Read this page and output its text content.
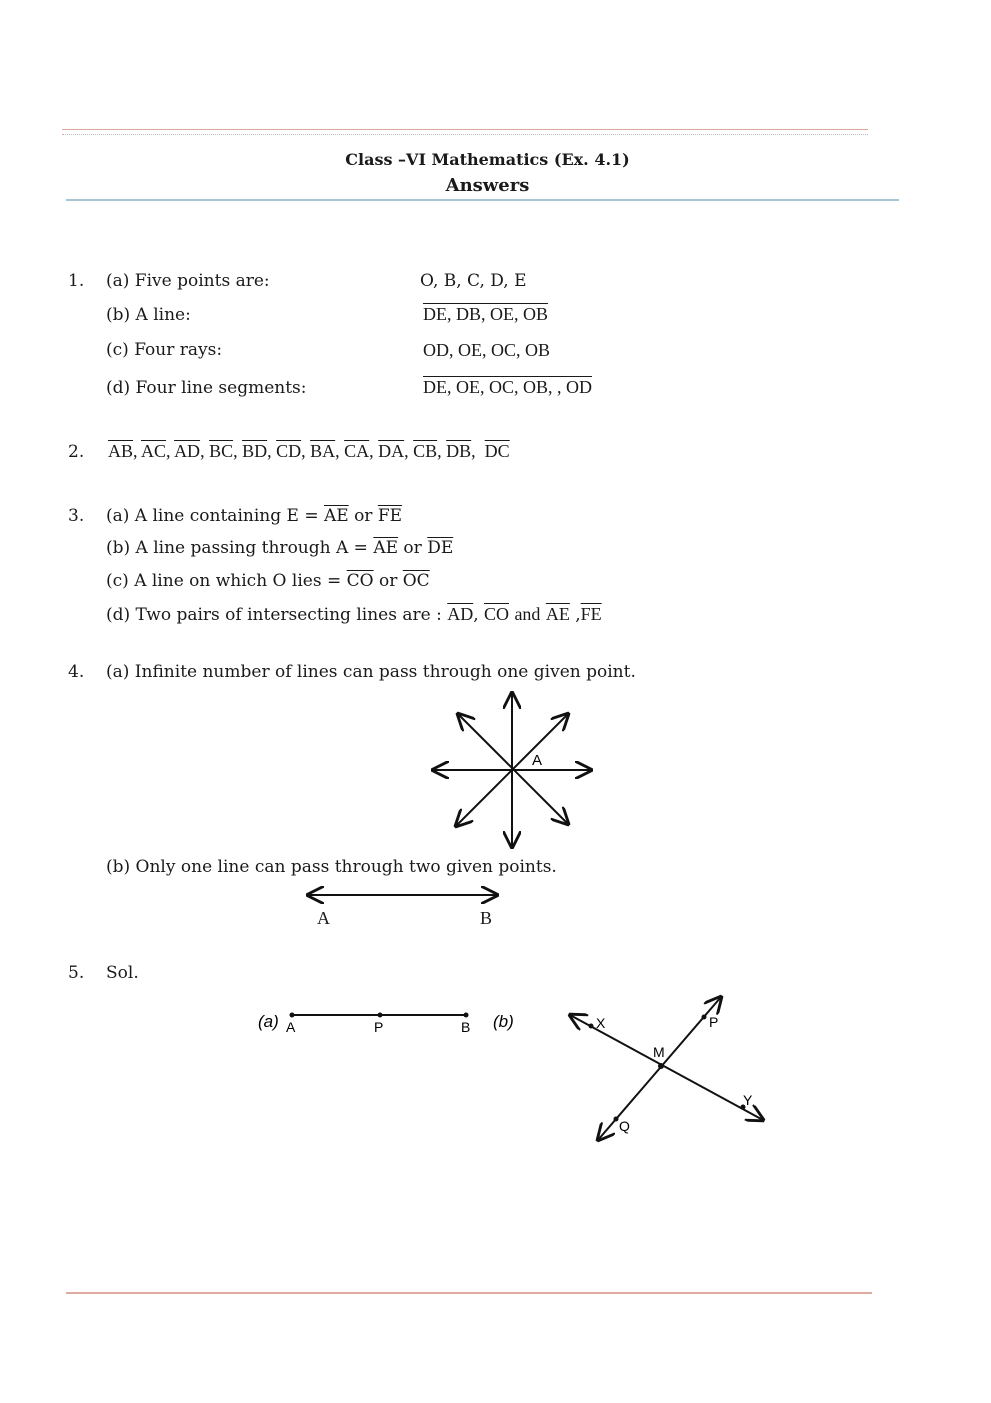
Class –VI Mathematics (Ex. 4.1)
Answers
1. (a) Five points are:	O, B, C, D, E
(b) A line:	DE, DB, OE, OB
(c) Four rays:	OD, OE, OC, OB
(d) Four line segments:	DE, OE, OC, OB, , OD
2. $\overline{AB}$, $\overline{AC}$, $\overline{AD}$, $\overline{BC}$, $\overline{BD}$, $\overline{CD}$, $\overline{BA}$, $\overline{CA}$, $\overline{DA}$, $\overline{CB}$, $\overline{DB}$,  $\overline{DC}$
3. (a) A line containing $E = \overline{AE}$ or $\overline{FE}$
(b) A line passing through $A = \overline{AE}$ or $\overline{DE}$
(c) A line on which O lies = $\overline{CO}$ or $\overline{OC}$
(d) Two pairs of intersecting lines are : $\overline{AD}$, $\overline{CO}$ and $\overline{AE}$ $,\overline{FE}$
4. (a) Infinite number of lines can pass through one given point.
A
(b) Only one line can pass through two given points.
A	B
5. Sol.
(a) A	P	B (b)	X	P
M
Y
Q
